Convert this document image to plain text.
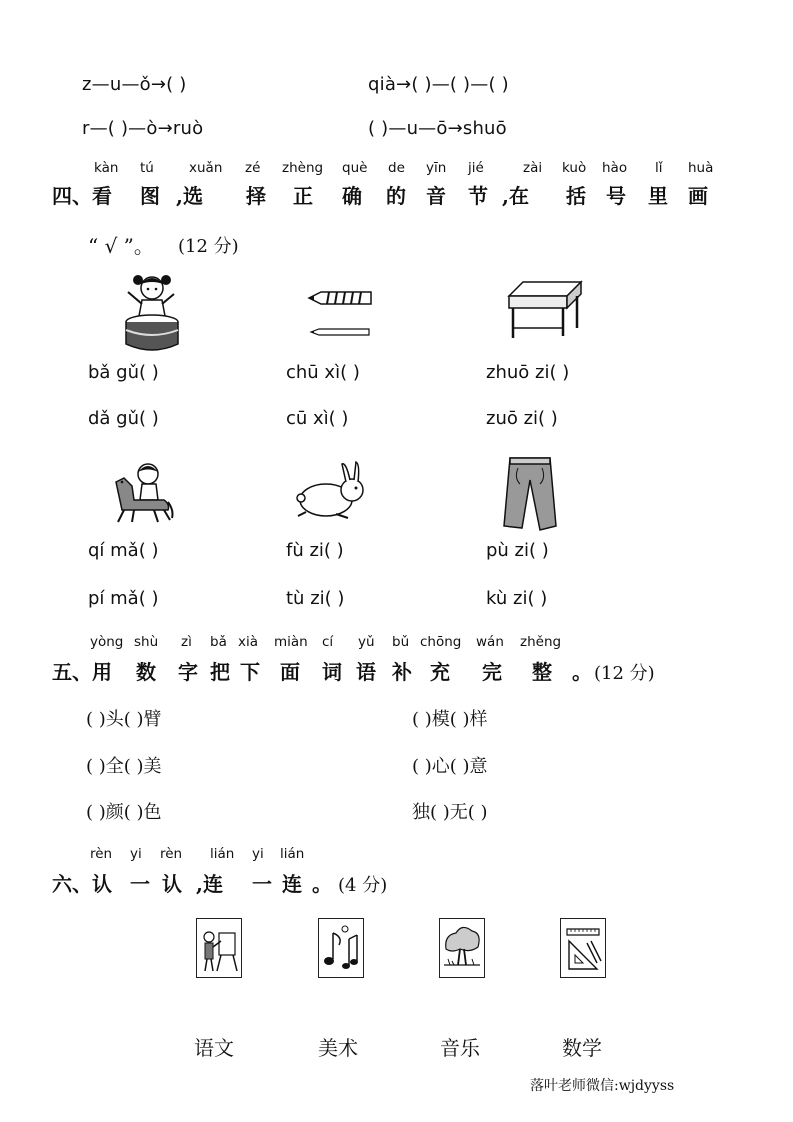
z—u—ǒ→( )	qià→( )—( )—( )
r—( )—ò→ruò	( )—u—ō→shuō
kàn tú	xuǎn zé zhèng què de yīn jié	zài kuò hào lǐ huà
四、看 图 ,选 择 正 确 的 音 节 ,在 括 号 里 画
“ √ ”。 (12 分)
bǎ gǔ( )	chū xì( )	zhuō zi( )
dǎ gǔ( )	cū xì( )	zuō zi( )
qí mǎ( )	fù zi( )	pù zi( )
pí mǎ( )	tù zi( )	kù zi( )
yòng shù zì bǎ xià miàn cí yǔ bǔ chōng wán zhěng
五、用 数 字 把 下 面 词 语 补 充 完 整 。 (12 分)
( )头( )臂	( )模( )样
( )全( )美	( )心( )意
( )颜( )色	独( )无( )
rèn yi rèn lián yi lián
六、认 一 认 ,连 一 连 。 (4 分)
语文	美术	音乐	数学
落叶老师微信:wjdyyss
